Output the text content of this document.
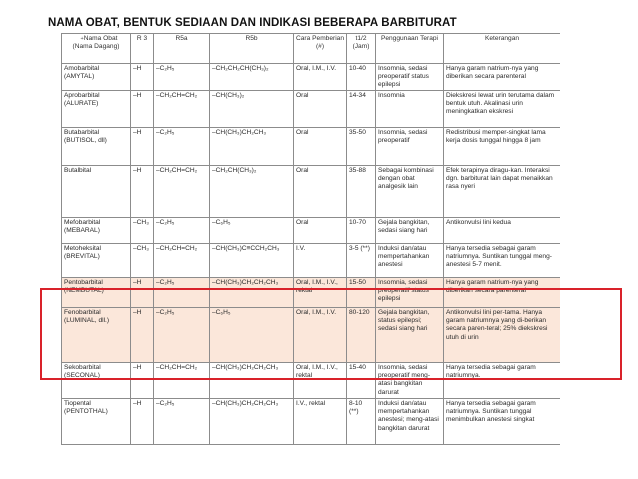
NAMA OBAT, BENTUK SEDIAAN DAN INDIKASI BEBERAPA BARBITURAT
+Nama Obat (Nama Dagang)	R 3	R5a	R5b	Cara Pemberian (#)	t1/2 (Jam)	Penggunaan Terapi	Keterangan
Amobarbital (AMYTAL)	–H	–C₂H₅	–CH₂CH₂CH(CH₃)₂	Oral, I.M., I.V.	10-40	Insomnia, sedasi preoperatif status epilepsi	Hanya garam natrium-nya yang diberikan secara parenteral
Aprobarbital (ALURATE)	–H	–CH₂CH=CH₂	–CH(CH₃)₂	Oral	14-34	Insomnia	Diekskresi lewat urin terutama dalam bentuk utuh. Akalinasi urin meningkatkan ekskresi
Butabarbital (BUTISOL, dll)	–H	–C₂H₅	–CH(CH₃)CH₂CH₃	Oral	35-50	Insomnia, sedasi preoperatif	Redistribusi memper-singkat lama kerja dosis tunggal hingga 8 jam
Butalbital	–H	–CH₂CH=CH₂	–CH₂CH(CH₃)₂	Oral	35-88	Sebagai kombinasi dengan obat analgesik lain	Efek terapinya diragu-kan. Interaksi dgn. barbiturat lain dapat menaikkan rasa nyeri
Mefobarbital (MEBARAL)	–CH₃	–C₂H₅	–C₆H₅	Oral	10-70	Gejala bangkitan, sedasi siang hari	Antikonvulsi lini kedua
Metoheksital (BREVITAL)	–CH₃	–CH₂CH=CH₂	–CH(CH₃)C≡CCH₂CH₃	I.V.	3-5 (**)	Induksi dan/atau mempertahankan anestesi	Hanya tersedia sebagai garam natriumnya. Suntikan tunggal meng-anestesi 5-7 menit.
Pentobarbital (NEMBUTAL)	–H	–C₂H₅	–CH(CH₃)CH₂CH₂CH₃	Oral, I.M., I.V., rektal	15-50	Insomnia, sedasi preoperatif status epilepsi	Hanya garam natrium-nya yang diberikan secara parenteral
Fenobarbital (LUMINAL, dll.)	–H	–C₂H₅	–C₆H₅	Oral, I.M., I.V.	80-120	Gejala bangkitan, status epilepsi; sedasi siang hari	Antikonvulsi lini per-tama. Hanya garam natriumnya yang di-berikan secara paren-teral; 25% diekskresi utuh di urin
Sekobarbital (SECONAL)	–H	–CH₂CH=CH₂	–CH(CH₃)CH₂CH₂CH₃	Oral, I.M., I.V., rektal	15-40	Insomnia, sedasi preoperatif meng-atasi bangkitan darurat	Hanya tersedia sebagai garam natriumnya.
Tiopental (PENTOTHAL)	–H	–C₂H₅	–CH(CH₃)CH₂CH₂CH₃	I.V., rektal	8-10 (**)	Induksi dan/atau mempertahankan anestesi; meng-atasi bangkitan darurat	Hanya tersedia sebagai garam natriumnya. Suntikan tunggal menimbulkan anestesi singkat
